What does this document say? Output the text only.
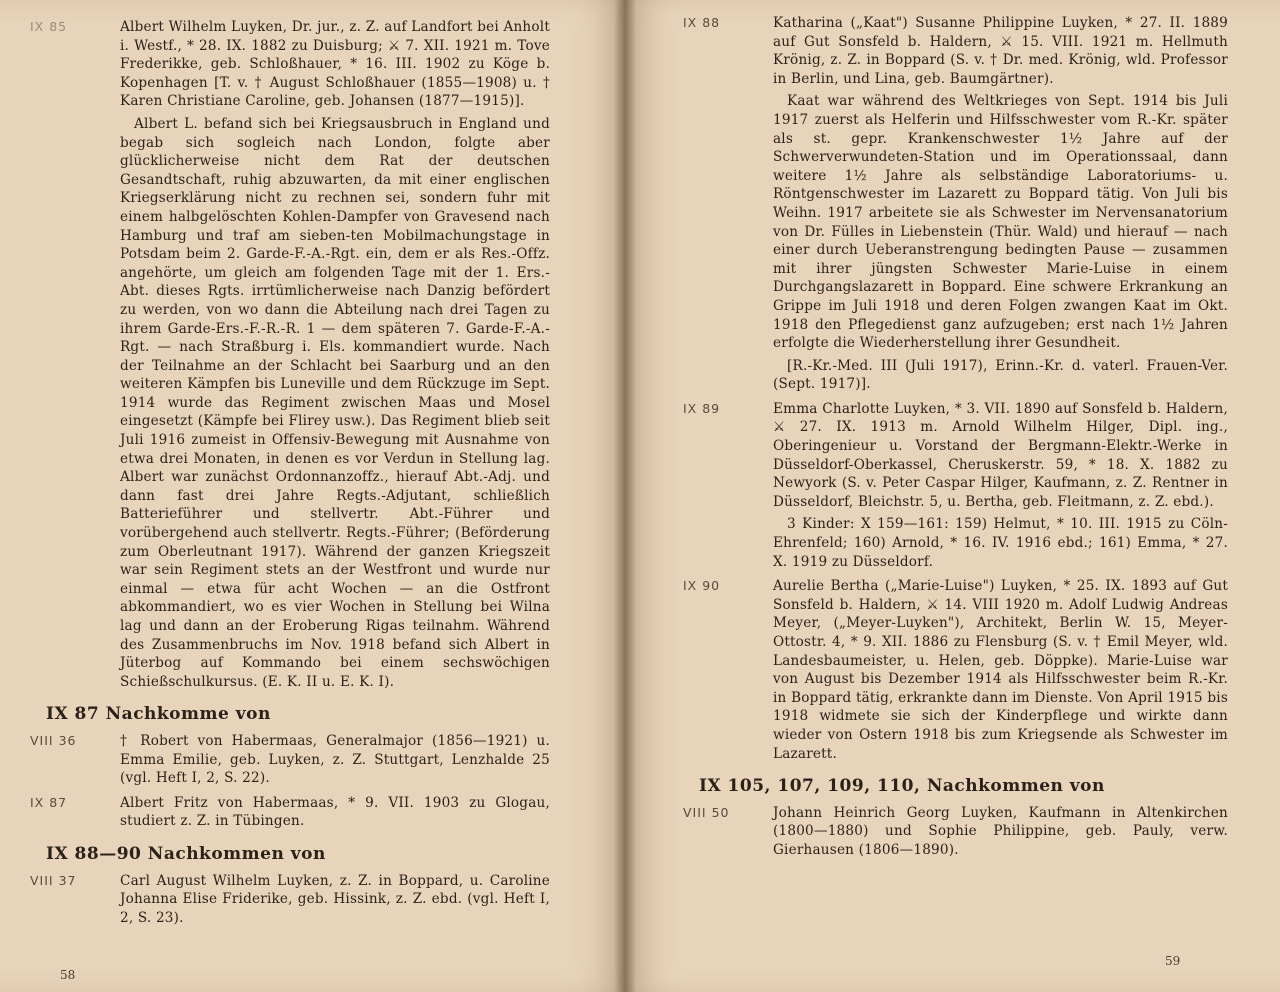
IX 85	Albert Wilhelm Luyken, Dr. jur., z. Z. auf Landfort bei Anholt i. Westf., * 28. IX. 1882 zu Duisburg; ⚔ 7. XII. 1921 m. Tove Frederikke, geb. Schloßhauer, * 16. III. 1902 zu Köge b. Kopenhagen [T. v. † August Schloßhauer (1855—1908) u. † Karen Christiane Caroline, geb. Johansen (1877—1915)].

Albert L. befand sich bei Kriegsausbruch in England und begab sich sogleich nach London, folgte aber glücklicherweise nicht dem Rat der deutschen Gesandtschaft, ruhig abzuwarten, da mit einer englischen Kriegserklärung nicht zu rechnen sei, sondern fuhr mit einem halbgelöschten Kohlen-Dampfer von Gravesend nach Hamburg und traf am sieben-ten Mobilmachungstage in Potsdam beim 2. Garde-F.-A.-Rgt. ein, dem er als Res.-Offz. angehörte, um gleich am folgenden Tage mit der 1. Ers.-Abt. dieses Rgts. irrtümlicherweise nach Danzig befördert zu werden, von wo dann die Abteilung nach drei Tagen zu ihrem Garde-Ers.-F.-R.-R. 1 — dem späteren 7. Garde-F.-A.-Rgt. — nach Straßburg i. Els. kommandiert wurde. Nach der Teilnahme an der Schlacht bei Saarburg und an den weiteren Kämpfen bis Luneville und dem Rückzuge im Sept. 1914 wurde das Regiment zwischen Maas und Mosel eingesetzt (Kämpfe bei Flirey usw.). Das Regiment blieb seit Juli 1916 zumeist in Offensiv-Bewegung mit Ausnahme von etwa drei Monaten, in denen es vor Verdun in Stellung lag. Albert war zunächst Ordonnanzoffz., hierauf Abt.-Adj. und dann fast drei Jahre Regts.-Adjutant, schließlich Batterieführer und stellvertr. Abt.-Führer und vorübergehend auch stellvertr. Regts.-Führer; (Beförderung zum Oberleutnant 1917). Während der ganzen Kriegszeit war sein Regiment stets an der Westfront und wurde nur einmal — etwa für acht Wochen — an die Ostfront abkommandiert, wo es vier Wochen in Stellung bei Wilna lag und dann an der Eroberung Rigas teilnahm. Während des Zusammenbruchs im Nov. 1918 befand sich Albert in Jüterbog auf Kommando bei einem sechswöchigen Schießschulkursus. (E. K. II u. E. K. I).

IX 87 Nachkomme von
VIII 36	† Robert von Habermaas, Generalmajor (1856—1921) u. Emma Emilie, geb. Luyken, z. Z. Stuttgart, Lenzhalde 25 (vgl. Heft I, 2, S. 22).

IX 87	Albert Fritz von Habermaas, * 9. VII. 1903 zu Glogau, studiert z. Z. in Tübingen.

IX 88—90 Nachkommen von
VIII 37	Carl August Wilhelm Luyken, z. Z. in Boppard, u. Caroline Johanna Elise Friderike, geb. Hissink, z. Z. ebd. (vgl. Heft I, 2, S. 23).

58
IX 88	Katharina („Kaat") Susanne Philippine Luyken, * 27. II. 1889 auf Gut Sonsfeld b. Haldern, ⚔ 15. VIII. 1921 m. Hellmuth Krönig, z. Z. in Boppard (S. v. † Dr. med. Krönig, wld. Professor in Berlin, und Lina, geb. Baumgärtner).

Kaat war während des Weltkrieges von Sept. 1914 bis Juli 1917 zuerst als Helferin und Hilfsschwester vom R.-Kr. später als st. gepr. Krankenschwester 1½ Jahre auf der Schwerverwundeten-Station und im Operationssaal, dann weitere 1½ Jahre als selbständige Laboratoriums- u. Röntgenschwester im Lazarett zu Boppard tätig. Von Juli bis Weihn. 1917 arbeitete sie als Schwester im Nervensanatorium von Dr. Fülles in Liebenstein (Thür. Wald) und hierauf — nach einer durch Ueberanstrengung bedingten Pause — zusammen mit ihrer jüngsten Schwester Marie-Luise in einem Durchgangslazarett in Boppard. Eine schwere Erkrankung an Grippe im Juli 1918 und deren Folgen zwangen Kaat im Okt. 1918 den Pflegedienst ganz aufzugeben; erst nach 1½ Jahren erfolgte die Wiederherstellung ihrer Gesundheit.

[R.-Kr.-Med. III (Juli 1917), Erinn.-Kr. d. vaterl. Frauen-Ver. (Sept. 1917)].

IX 89	Emma Charlotte Luyken, * 3. VII. 1890 auf Sonsfeld b. Haldern, ⚔ 27. IX. 1913 m. Arnold Wilhelm Hilger, Dipl. ing., Oberingenieur u. Vorstand der Bergmann-Elektr.-Werke in Düsseldorf-Oberkassel, Cheruskerstr. 59, * 18. X. 1882 zu Newyork (S. v. Peter Caspar Hilger, Kaufmann, z. Z. Rentner in Düsseldorf, Bleichstr. 5, u. Bertha, geb. Fleitmann, z. Z. ebd.).

3 Kinder: X 159—161: 159) Helmut, * 10. III. 1915 zu Cöln-Ehrenfeld; 160) Arnold, * 16. IV. 1916 ebd.; 161) Emma, * 27. X. 1919 zu Düsseldorf.

IX 90	Aurelie Bertha („Marie-Luise") Luyken, * 25. IX. 1893 auf Gut Sonsfeld b. Haldern, ⚔ 14. VIII 1920 m. Adolf Ludwig Andreas Meyer, („Meyer-Luyken"), Architekt, Berlin W. 15, Meyer-Ottostr. 4, * 9. XII. 1886 zu Flensburg (S. v. † Emil Meyer, wld. Landesbaumeister, u. Helen, geb. Döppke). Marie-Luise war von August bis Dezember 1914 als Hilfsschwester beim R.-Kr. in Boppard tätig, erkrankte dann im Dienste. Von April 1915 bis 1918 widmete sie sich der Kinderpflege und wirkte dann wieder von Ostern 1918 bis zum Kriegsende als Schwester im Lazarett.

IX 105, 107, 109, 110, Nachkommen von
VIII 50	Johann Heinrich Georg Luyken, Kaufmann in Altenkirchen (1800—1880) und Sophie Philippine, geb. Pauly, verw. Gierhausen (1806—1890).

59
